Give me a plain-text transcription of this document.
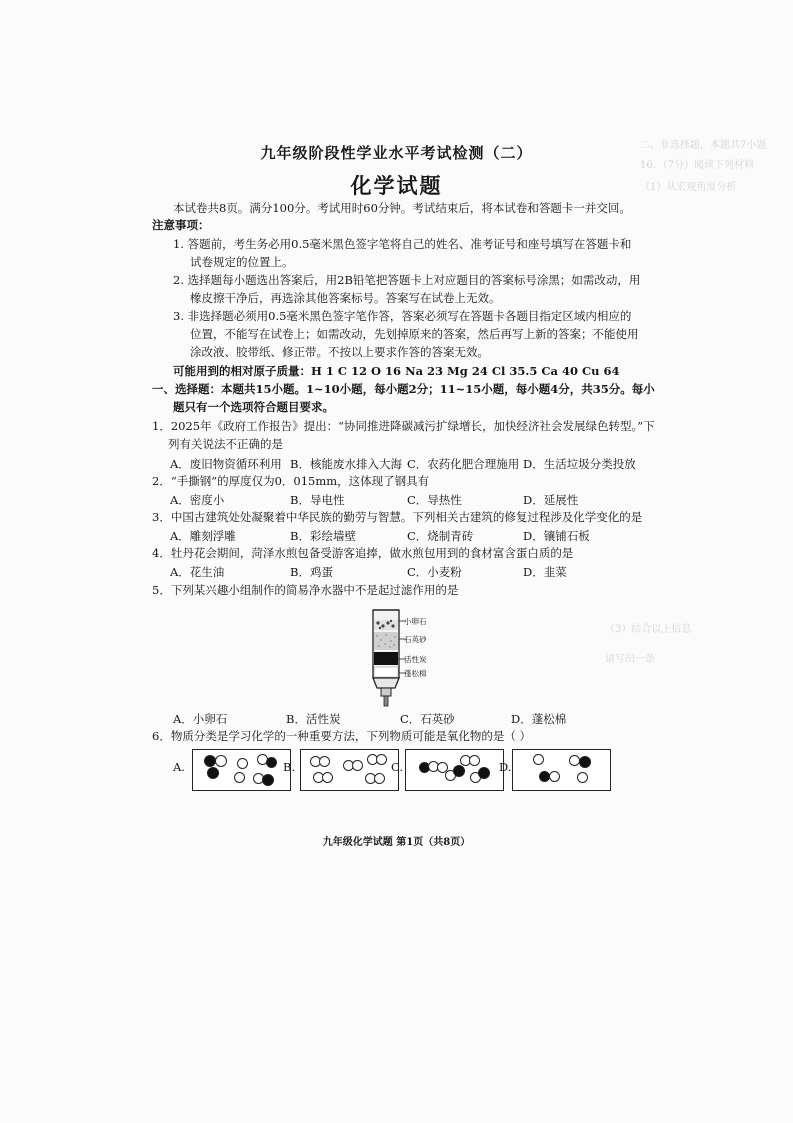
二、非选择题，本题共7小题
16．（7分）阅读下列材料
（1）从宏观角度分析
（3）结合以上信息
请写出一条
九年级阶段性学业水平考试检测（二）
化学试题
本试卷共8页。满分100分。考试用时60分钟。考试结束后，将本试卷和答题卡一并交回。
注意事项：
1. 答题前，考生务必用0.5毫米黑色签字笔将自己的姓名、准考证号和座号填写在答题卡和
试卷规定的位置上。
2. 选择题每小题选出答案后，用2B铅笔把答题卡上对应题目的答案标号涂黑；如需改动，用
橡皮擦干净后，再选涂其他答案标号。答案写在试卷上无效。
3. 非选择题必须用0.5毫米黑色签字笔作答，答案必须写在答题卡各题目指定区域内相应的
位置，不能写在试卷上；如需改动，先划掉原来的答案，然后再写上新的答案；不能使用
涂改液、胶带纸、修正带。不按以上要求作答的答案无效。
可能用到的相对原子质量：H 1 C 12 O 16 Na 23 Mg 24 Cl 35.5 Ca 40 Cu 64
一、选择题：本题共15小题。1~10小题，每小题2分；11~15小题，每小题4分，共35分。每小
题只有一个选项符合题目要求。
1．2025年《政府工作报告》提出：“协同推进降碳减污扩绿增长，加快经济社会发展绿色转型。”下
列有关说法不正确的是
A．废旧物资循环利用 B．核能废水排入大海 C．农药化肥合理施用 D．生活垃圾分类投放
2．“手撕钢”的厚度仅为0．015mm，这体现了钢具有
A．密度小	B．导电性	C．导热性	D．延展性
3．中国古建筑处处凝聚着中华民族的勤劳与智慧。下列相关古建筑的修复过程涉及化学变化的是
A．雕刻浮雕	B．彩绘墙壁	C．烧制青砖	D．镶铺石板
4．牡丹花会期间，菏泽水煎包备受游客追捧，做水煎包用到的食材富含蛋白质的是
A．花生油	B．鸡蛋	C．小麦粉	D．韭菜
5．下列某兴趣小组制作的简易净水器中不是起过滤作用的是
小卵石
石英砂
活性炭
蓬松棉
A．小卵石	B．活性炭	C．石英砂	D．蓬松棉
6．物质分类是学习化学的一种重要方法，下列物质可能是氧化物的是（ ）
A.	B.	C.	D.
九年级化学试题 第1页（共8页）
